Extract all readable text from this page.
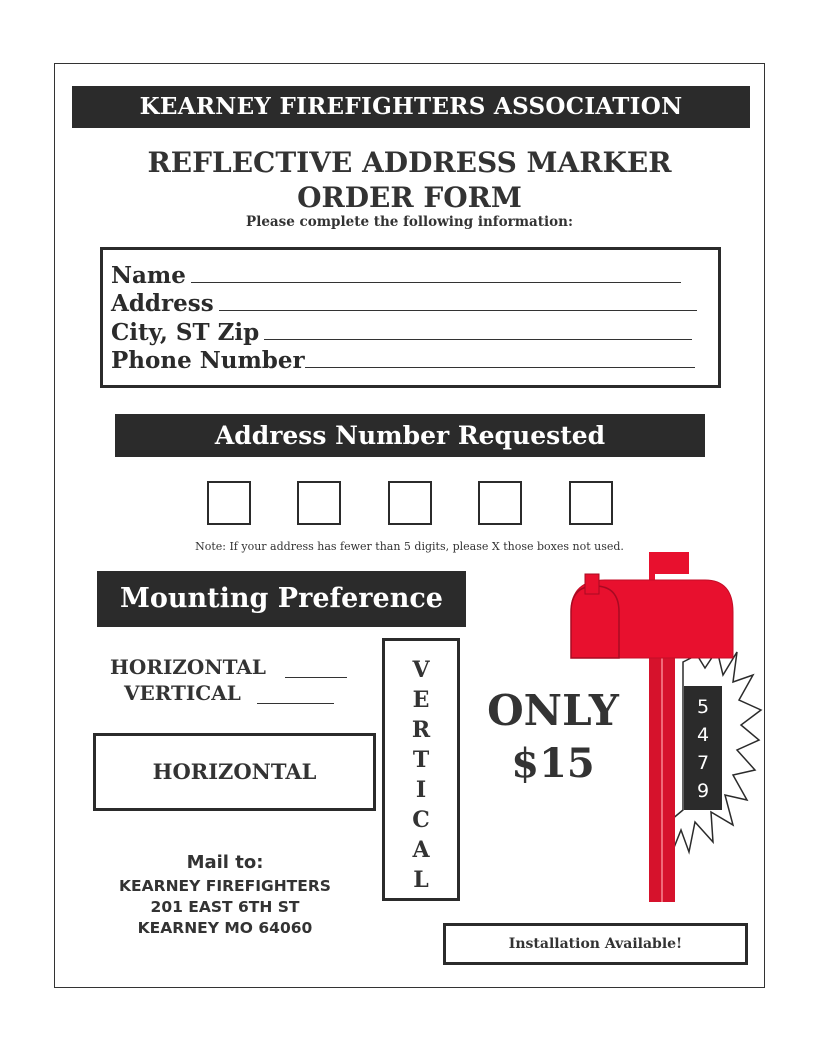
KEARNEY FIREFIGHTERS ASSOCIATION
REFLECTIVE ADDRESS MARKER
ORDER FORM
Please complete the following information:
Name
Address
City, ST Zip
Phone Number
Address Number Requested
Note: If your address has fewer than 5 digits, please X those boxes not used.
Mounting Preference
HORIZONTAL
VERTICAL
HORIZONTAL
V
E
R
T
I
C
A
L
ONLY
$15
5
4
7
9
Mail to:
KEARNEY FIREFIGHTERS
201 EAST 6TH ST
KEARNEY MO 64060
Installation Available!
